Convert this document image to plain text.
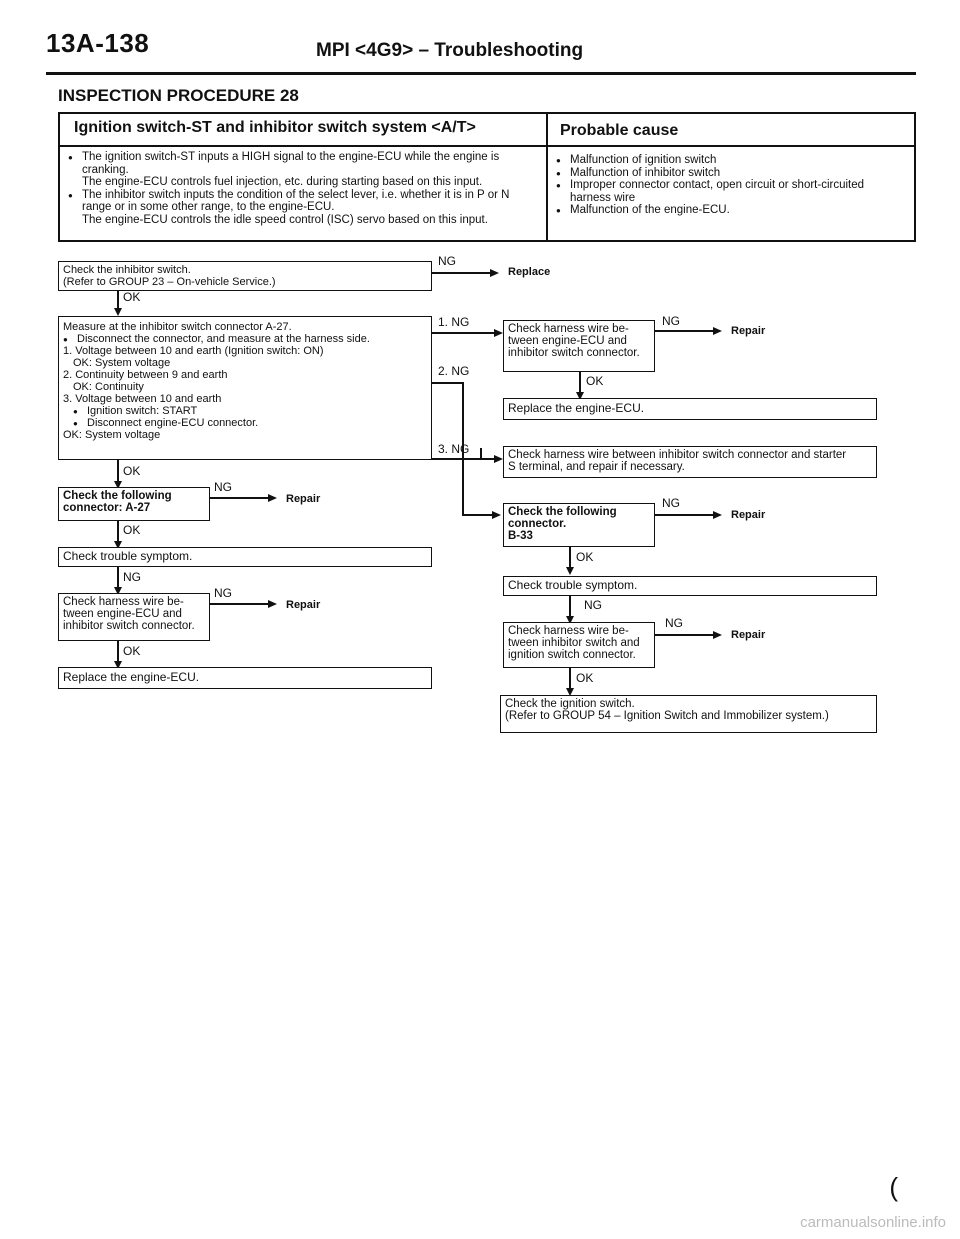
13A-138	MPI <4G9> – Troubleshooting
INSPECTION PROCEDURE 28
Ignition switch-ST and inhibitor switch system <A/T>	Probable cause
● The ignition switch-ST inputs a HIGH signal to the engine-ECU while the engine is cranking.
The engine-ECU controls fuel injection, etc. during starting based on this input.
● The inhibitor switch inputs the condition of the select lever, i.e. whether it is in P or N range or in some other range, to the engine-ECU.
The engine-ECU controls the idle speed control (ISC) servo based on this input.
● Malfunction of ignition switch
● Malfunction of inhibitor switch
● Improper connector contact, open circuit or short-circuited harness wire
● Malfunction of the engine-ECU.
Check the inhibitor switch.
(Refer to GROUP 23 – On-vehicle Service.)
NG
Replace
OK
Measure at the inhibitor switch connector A-27.
● Disconnect the connector, and measure at the harness side.
1. Voltage between 10 and earth (Ignition switch: ON)
OK: System voltage
2. Continuity between 9 and earth
OK: Continuity
3. Voltage between 10 and earth
● Ignition switch: START
● Disconnect engine-ECU connector.
OK: System voltage
1. NG
2. NG
3. NG
Check harness wire be-
tween engine-ECU and
inhibitor switch connector.
NG
Repair
OK
Replace the engine-ECU.
Check harness wire between inhibitor switch connector and starter
S terminal, and repair if necessary.
Check the following
connector.
B-33
NG
Repair
OK
Check trouble symptom.
NG
Check harness wire be-
tween inhibitor switch and
ignition switch connector.
NG
Repair
OK
Check the ignition switch.
(Refer to GROUP 54 – Ignition Switch and Immobilizer system.)
OK
Check the following
connector: A-27
NG
Repair
OK
Check trouble symptom.
NG
Check harness wire be-
tween engine-ECU and
inhibitor switch connector.
NG
Repair
OK
Replace the engine-ECU.
(
carmanualsonline.info
